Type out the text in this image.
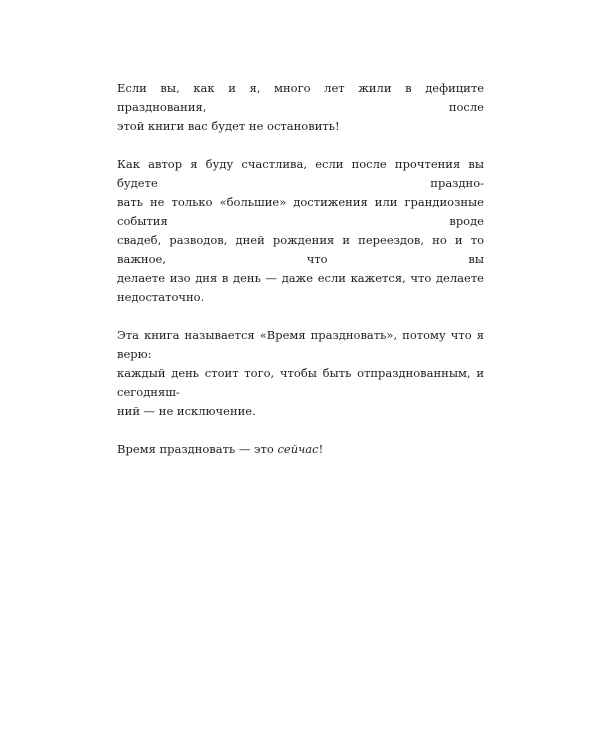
Если вы, как и я, много лет жили в дефиците празднования, после
этой книги вас будет не остановить!

Как автор я буду счастлива, если после прочтения вы будете праздно-
вать не только «большие» достижения или грандиозные события вроде
свадеб, разводов, дней рождения и переездов, но и то важное, что вы
делаете изо дня в день — даже если кажется, что делаете недостаточно.

Эта книга называется «Время праздновать», потому что я верю:
каждый день стоит того, чтобы быть отпразднованным, и сегодняш-
ний — не исключение.

Время праздновать — это сейчас!
